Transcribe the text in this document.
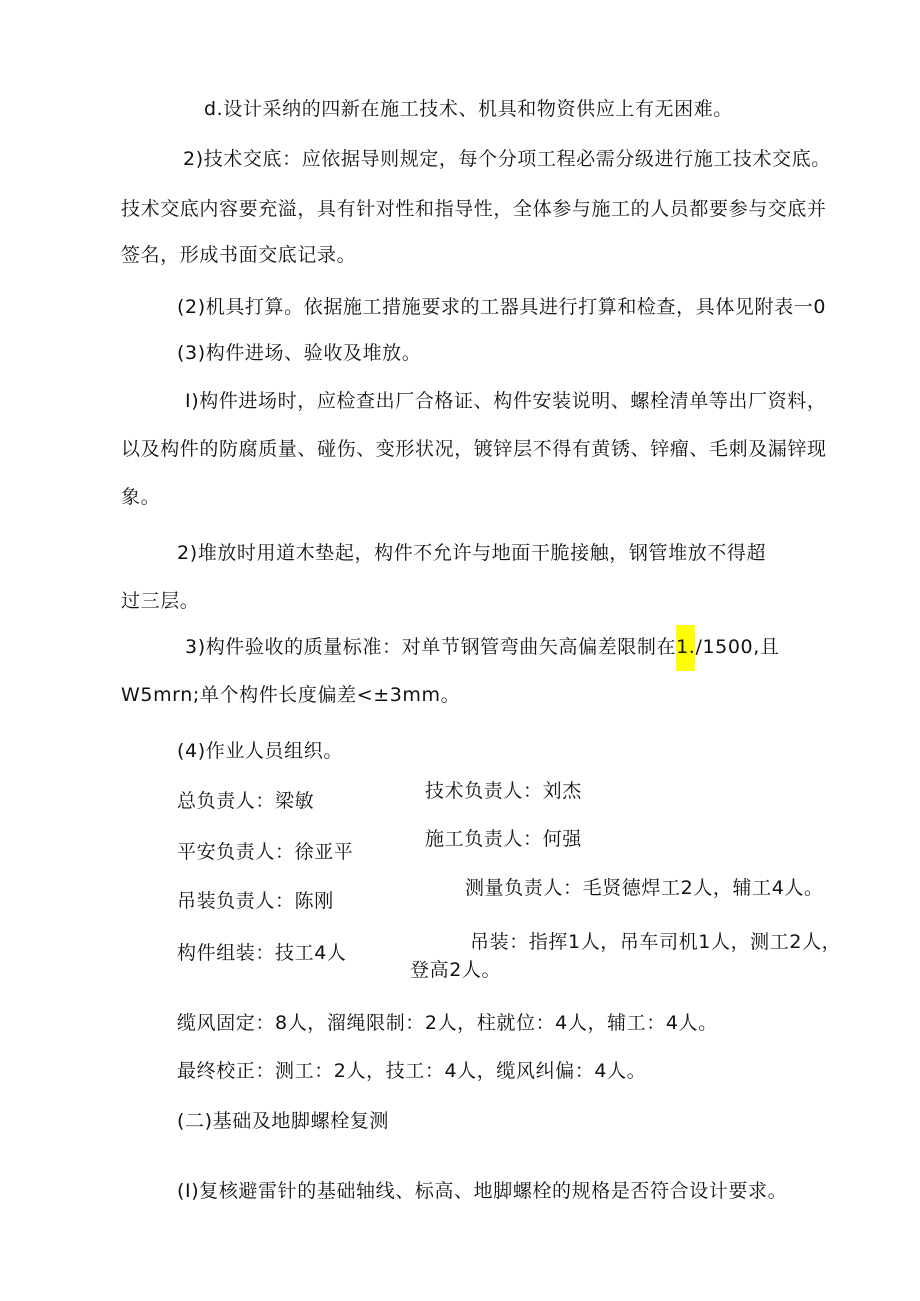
d.设计采纳的四新在施工技术、机具和物资供应上有无困难。
2)技术交底：应依据导则规定，每个分项工程必需分级进行施工技术交底。
技术交底内容要充溢，具有针对性和指导性，全体参与施工的人员都要参与交底并
签名，形成书面交底记录。
(2)机具打算。依据施工措施要求的工器具进行打算和检查，具体见附表一0
(3)构件进场、验收及堆放。
I)构件进场时，应检查出厂合格证、构件安装说明、螺栓清单等出厂资料，
以及构件的防腐质量、碰伤、变形状况，镀锌层不得有黄锈、锌瘤、毛刺及漏锌现
象。
2)堆放时用道木垫起，构件不允许与地面干脆接触，钢管堆放不得超
过三层。
3)构件验收的质量标准：对单节钢管弯曲矢高偏差限制在1./1500,且
W5mrn;单个构件长度偏差<±3mm。
(4)作业人员组织。
总负责人：梁敏	技术负责人：刘杰
平安负责人：徐亚平
施工负责人：何强
吊装负责人：陈刚
测量负责人：毛贤德焊工2人，辅工4人。
构件组装：技工4人	吊装：指挥1人，吊车司机1人，测工2人，
登高2人。
缆风固定：8人，溜绳限制：2人，柱就位：4人，辅工：4人。
最终校正：测工：2人，技工：4人，缆风纠偏：4人。
(二)基础及地脚螺栓复测
(I)复核避雷针的基础轴线、标高、地脚螺栓的规格是否符合设计要求。
